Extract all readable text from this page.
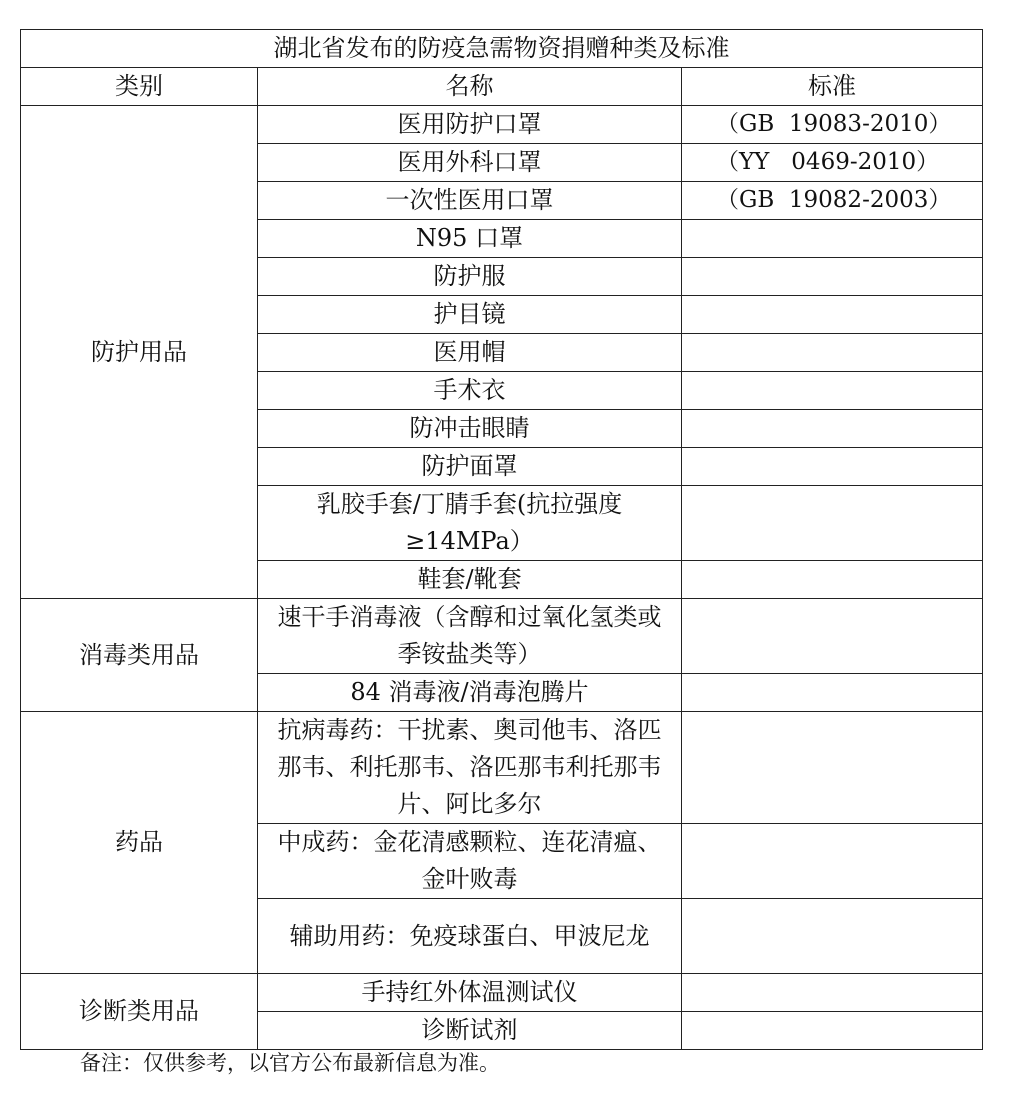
湖北省发布的防疫急需物资捐赠种类及标准		
类别	名称	标准
防护用品	医用防护口罩	（GB  19083-2010）
	医用外科口罩	（YY   0469-2010）
	一次性医用口罩	（GB  19082-2003）
	N95 口罩	
	防护服	
	护目镜	
	医用帽	
	手术衣	
	防冲击眼睛	
	防护面罩	
	乳胶手套/丁腈手套(抗拉强度≥14MPa）	
	鞋套/靴套	

消毒类用品	速干手消毒液（含醇和过氧化氢类或季铵盐类等）	
	84 消毒液/消毒泡腾片	
药品	抗病毒药：干扰素、奥司他韦、洛匹那韦、利托那韦、洛匹那韦利托那韦片、阿比多尔	
	中成药：金花清感颗粒、连花清瘟、金叶败毒	
	辅助用药：免疫球蛋白、甲波尼龙	
诊断类用品	手持红外体温测试仪	
	诊断试剂	
备注：仅供参考，以官方公布最新信息为准。
